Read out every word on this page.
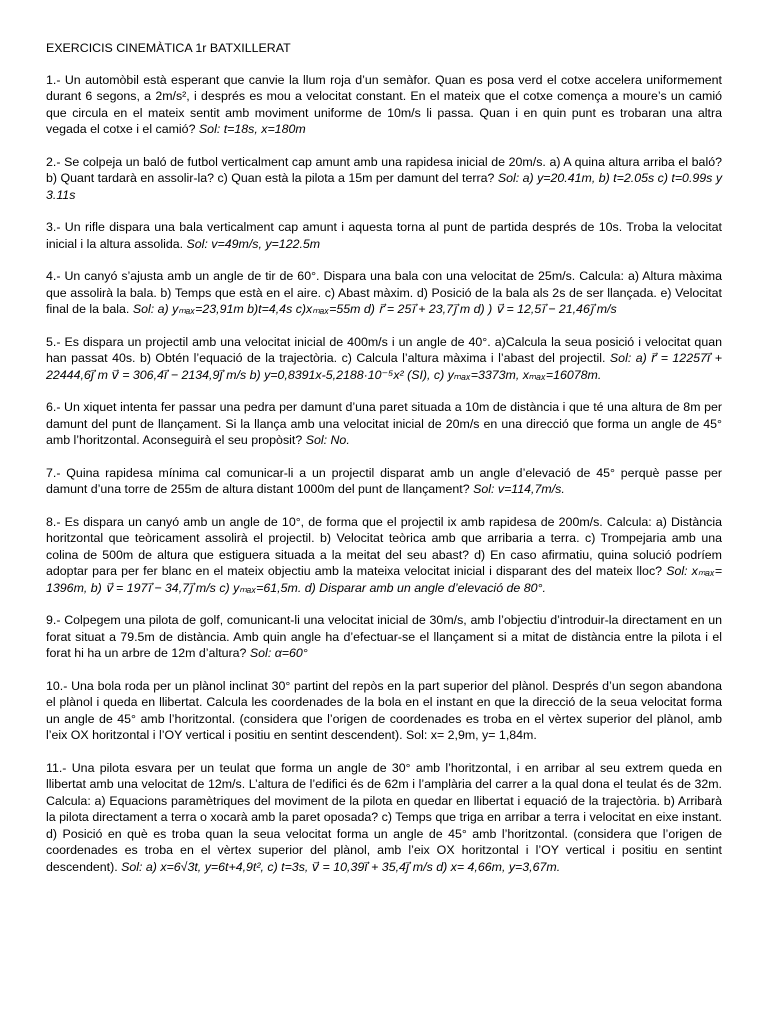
EXERCICIS CINEMÀTICA 1r BATXILLERAT

1.- Un automòbil està esperant que canvie la llum roja d’un semàfor. Quan es posa verd el cotxe accelera uniformement durant 6 segons, a 2m/s², i després es mou a velocitat constant. En el mateix que el cotxe comença a moure’s un camió que circula en el mateix sentit amb moviment uniforme de 10m/s li passa. Quan i en quin punt es trobaran una altra vegada el cotxe i el camió? Sol: t=18s, x=180m

2.- Se colpeja un baló de futbol verticalment cap amunt amb una rapidesa inicial de 20m/s. a) A quina altura arriba el baló? b) Quant tardarà en assolir-la? c) Quan està la pilota a 15m per damunt del terra? Sol: a) y=20.41m, b) t=2.05s c) t=0.99s y 3.11s

3.- Un rifle dispara una bala verticalment cap amunt i aquesta torna al punt de partida després de 10s. Troba la velocitat inicial i la altura assolida. Sol: v=49m/s, y=122.5m

4.- Un canyó s’ajusta amb un angle de tir de 60°. Dispara una bala con una velocitat de 25m/s. Calcula: a) Altura màxima que assolirà la bala. b) Temps que està en el aire. c) Abast màxim. d) Posició de la bala als 2s de ser llançada. e) Velocitat final de la bala. Sol: a) yₘₐₓ=23,91m b)t=4,4s c)xₘₐₓ=55m d) r⃗ = 25i⃗ + 23,7j⃗ m d) ) v⃗ = 12,5i⃗ − 21,46j⃗ m/s

5.- Es dispara un projectil amb una velocitat inicial de 400m/s i un angle de 40°. a)Calcula la seua posició i velocitat quan han passat 40s. b) Obtén l’equació de la trajectòria. c) Calcula l’altura màxima i l’abast del projectil. Sol: a) r⃗ = 12257i⃗ + 22444,6j⃗ m v⃗ = 306,4i⃗ − 2134,9j⃗ m/s b) y=0,8391x-5,2188·10⁻⁵x² (SI), c) yₘₐₓ=3373m, xₘₐₓ=16078m.

6.- Un xiquet intenta fer passar una pedra per damunt d’una paret situada a 10m de distància i que té una altura de 8m per damunt del punt de llançament. Si la llança amb una velocitat inicial de 20m/s en una direcció que forma un angle de 45° amb l’horitzontal. Aconseguirà el seu propòsit? Sol: No.

7.- Quina rapidesa mínima cal comunicar-li a un projectil disparat amb un angle d’elevació de 45° perquè passe per damunt d’una torre de 255m de altura distant 1000m del punt de llançament? Sol: v=114,7m/s.

8.- Es dispara un canyó amb un angle de 10°, de forma que el projectil ix amb rapidesa de 200m/s. Calcula: a) Distància horitzontal que teòricament assolirà el projectil. b) Velocitat teòrica amb que arribaria a terra. c) Trompejaria amb una colina de 500m de altura que estiguera situada a la meitat del seu abast? d) En caso afirmatiu, quina solució podríem adoptar para per fer blanc en el mateix objectiu amb la mateixa velocitat inicial i disparant des del mateix lloc? Sol: xₘₐₓ= 1396m, b) v⃗ = 197i⃗ − 34,7j⃗ m/s c) yₘₐₓ=61,5m. d) Disparar amb un angle d’elevació de 80°.

9.- Colpegem una pilota de golf, comunicant-li una velocitat inicial de 30m/s, amb l’objectiu d’introduir-la directament en un forat situat a 79.5m de distància. Amb quin angle ha d’efectuar-se el llançament si a mitat de distància entre la pilota i el forat hi ha un arbre de 12m d’altura? Sol: α=60°

10.- Una bola roda per un plànol inclinat 30° partint del repòs en la part superior del plànol. Després d’un segon abandona el plànol i queda en llibertat. Calcula les coordenades de la bola en el instant en que la direcció de la seua velocitat forma un angle de 45° amb l’horitzontal. (considera que l’origen de coordenades es troba en el vèrtex superior del plànol, amb l’eix OX horitzontal i l’OY vertical i positiu en sentint descendent). Sol: x= 2,9m, y= 1,84m.

11.- Una pilota esvara per un teulat que forma un angle de 30° amb l’horitzontal, i en arribar al seu extrem queda en llibertat amb una velocitat de 12m/s. L’altura de l’edifici és de 62m i l’amplària del carrer a la qual dona el teulat és de 32m. Calcula: a) Equacions paramètriques del moviment de la pilota en quedar en llibertat i equació de la trajectòria. b) Arribarà la pilota directament a terra o xocarà amb la paret oposada? c) Temps que triga en arribar a terra i velocitat en eixe instant. d) Posició en què es troba quan la seua velocitat forma un angle de 45° amb l’horitzontal. (considera que l’origen de coordenades es troba en el vèrtex superior del plànol, amb l’eix OX horitzontal i l’OY vertical i positiu en sentint descendent). Sol: a) x=6√3t, y=6t+4,9t², c) t=3s, v⃗ = 10,39i⃗ + 35,4j⃗ m/s d) x= 4,66m, y=3,67m.
